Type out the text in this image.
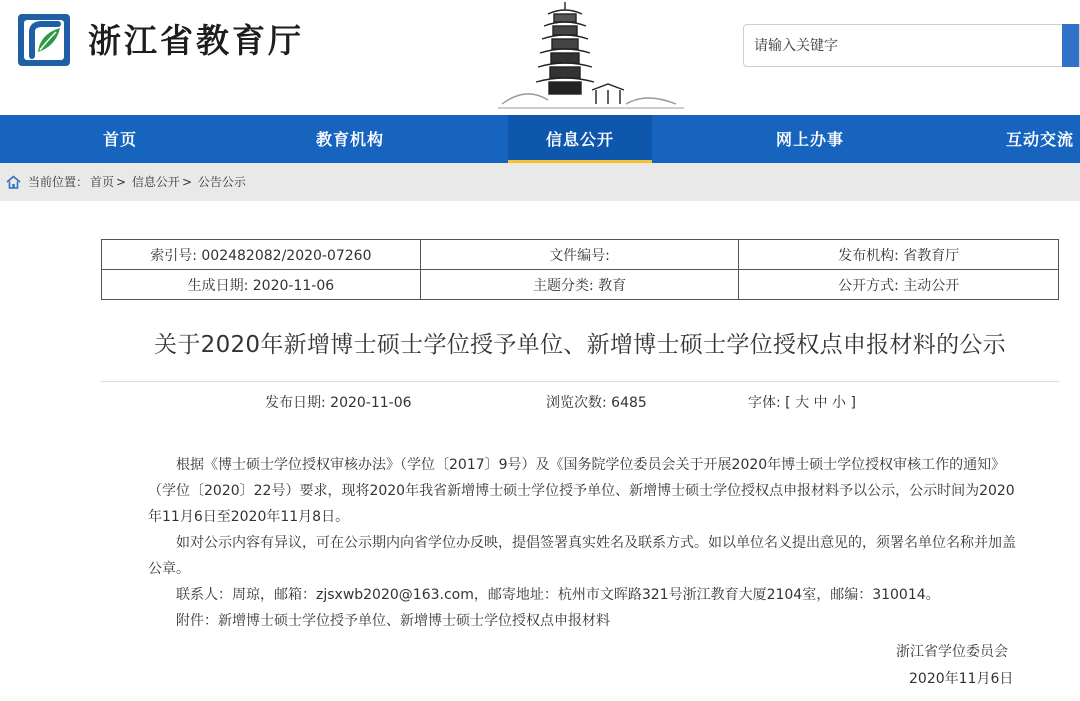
浙江省教育厅
请输入关键字
首页	教育机构	信息公开	网上办事	互动交流
当前位置： 首页 > 信息公开 > 公告公示
索引号: 002482082/2020-07260	文件编号:	发布机构: 省教育厅
生成日期: 2020-11-06	主题分类: 教育	公开方式: 主动公开
关于2020年新增博士硕士学位授予单位、新增博士硕士学位授权点申报材料的公示
发布日期: 2020-11-06	浏览次数: 6485	字体: [ 大 中 小 ]

根据《博士硕士学位授权审核办法》（学位〔2017〕9号）及《国务院学位委员会关于开展2020年博士硕士学位授权审核工作的通知》（学位〔2020〕22号）要求，现将2020年我省新增博士硕士学位授予单位、新增博士硕士学位授权点申报材料予以公示，公示时间为2020年11月6日至2020年11月8日。

如对公示内容有异议，可在公示期内向省学位办反映，提倡签署真实姓名及联系方式。如以单位名义提出意见的，须署名单位名称并加盖公章。

联系人：周琼，邮箱：zjsxwb2020@163.com，邮寄地址：杭州市文晖路321号浙江教育大厦2104室，邮编：310014。

附件：新增博士硕士学位授予单位、新增博士硕士学位授权点申报材料

浙江省学位委员会
2020年11月6日
